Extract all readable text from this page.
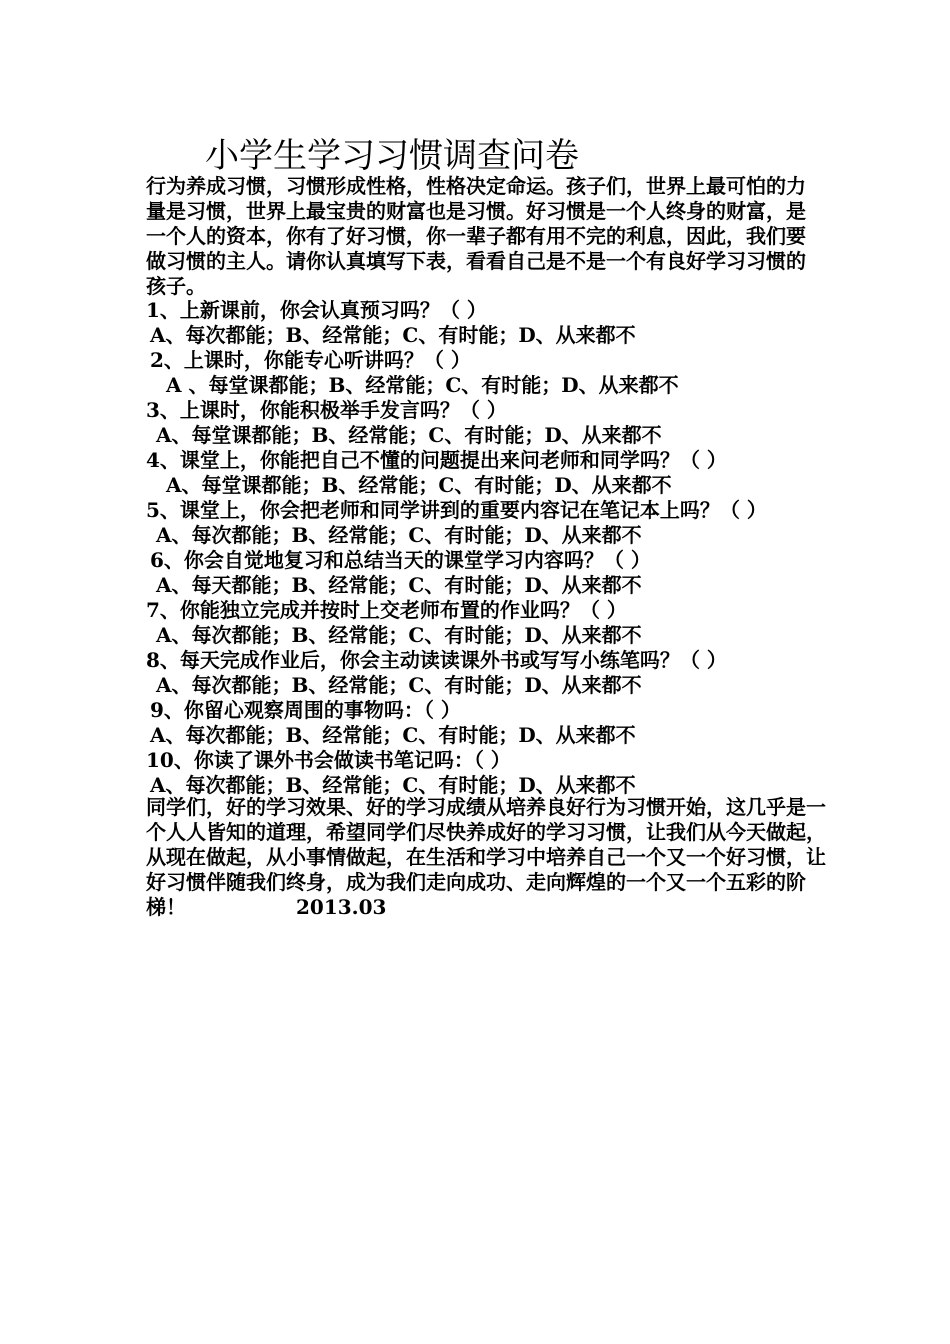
小学生学习习惯调查问卷

行为养成习惯，习惯形成性格，性格决定命运。孩子们，世界上最可怕的力量是习惯，世界上最宝贵的财富也是习惯。好习惯是一个人终身的财富，是一个人的资本，你有了好习惯，你一辈子都有用不完的利息，因此，我们要做习惯的主人。请你认真填写下表，看看自己是不是一个有良好学习习惯的孩子。

1、上新课前，你会认真预习吗？（ ）
A、每次都能；B、经常能；C、有时能；D、从来都不
2、上课时，你能专心听讲吗？（ ）
A 、每堂课都能；B、经常能；C、有时能；D、从来都不
3、上课时，你能积极举手发言吗？（ ）
A、每堂课都能；B、经常能；C、有时能；D、从来都不
4、课堂上，你能把自己不懂的问题提出来问老师和同学吗？（ ）
A、每堂课都能；B、经常能；C、有时能；D、从来都不
5、课堂上，你会把老师和同学讲到的重要内容记在笔记本上吗？（ ）
A、每次都能；B、经常能；C、有时能；D、从来都不
6、你会自觉地复习和总结当天的课堂学习内容吗？（ ）
A、每天都能；B、经常能；C、有时能；D、从来都不
7、你能独立完成并按时上交老师布置的作业吗？（ ）
A、每次都能；B、经常能；C、有时能；D、从来都不
8、每天完成作业后，你会主动读读课外书或写写小练笔吗？（ ）
A、每次都能；B、经常能；C、有时能；D、从来都不
9、你留心观察周围的事物吗：（ ）
A、每次都能；B、经常能；C、有时能；D、从来都不
10、你读了课外书会做读书笔记吗：（ ）
A、每次都能；B、经常能；C、有时能；D、从来都不

同学们，好的学习效果、好的学习成绩从培养良好行为习惯开始，这几乎是一个人人皆知的道理，希望同学们尽快养成好的学习习惯，让我们从今天做起，从现在做起，从小事情做起，在生活和学习中培养自己一个又一个好习惯，让好习惯伴随我们终身，成为我们走向成功、走向辉煌的一个又一个五彩的阶梯！	2013.03
